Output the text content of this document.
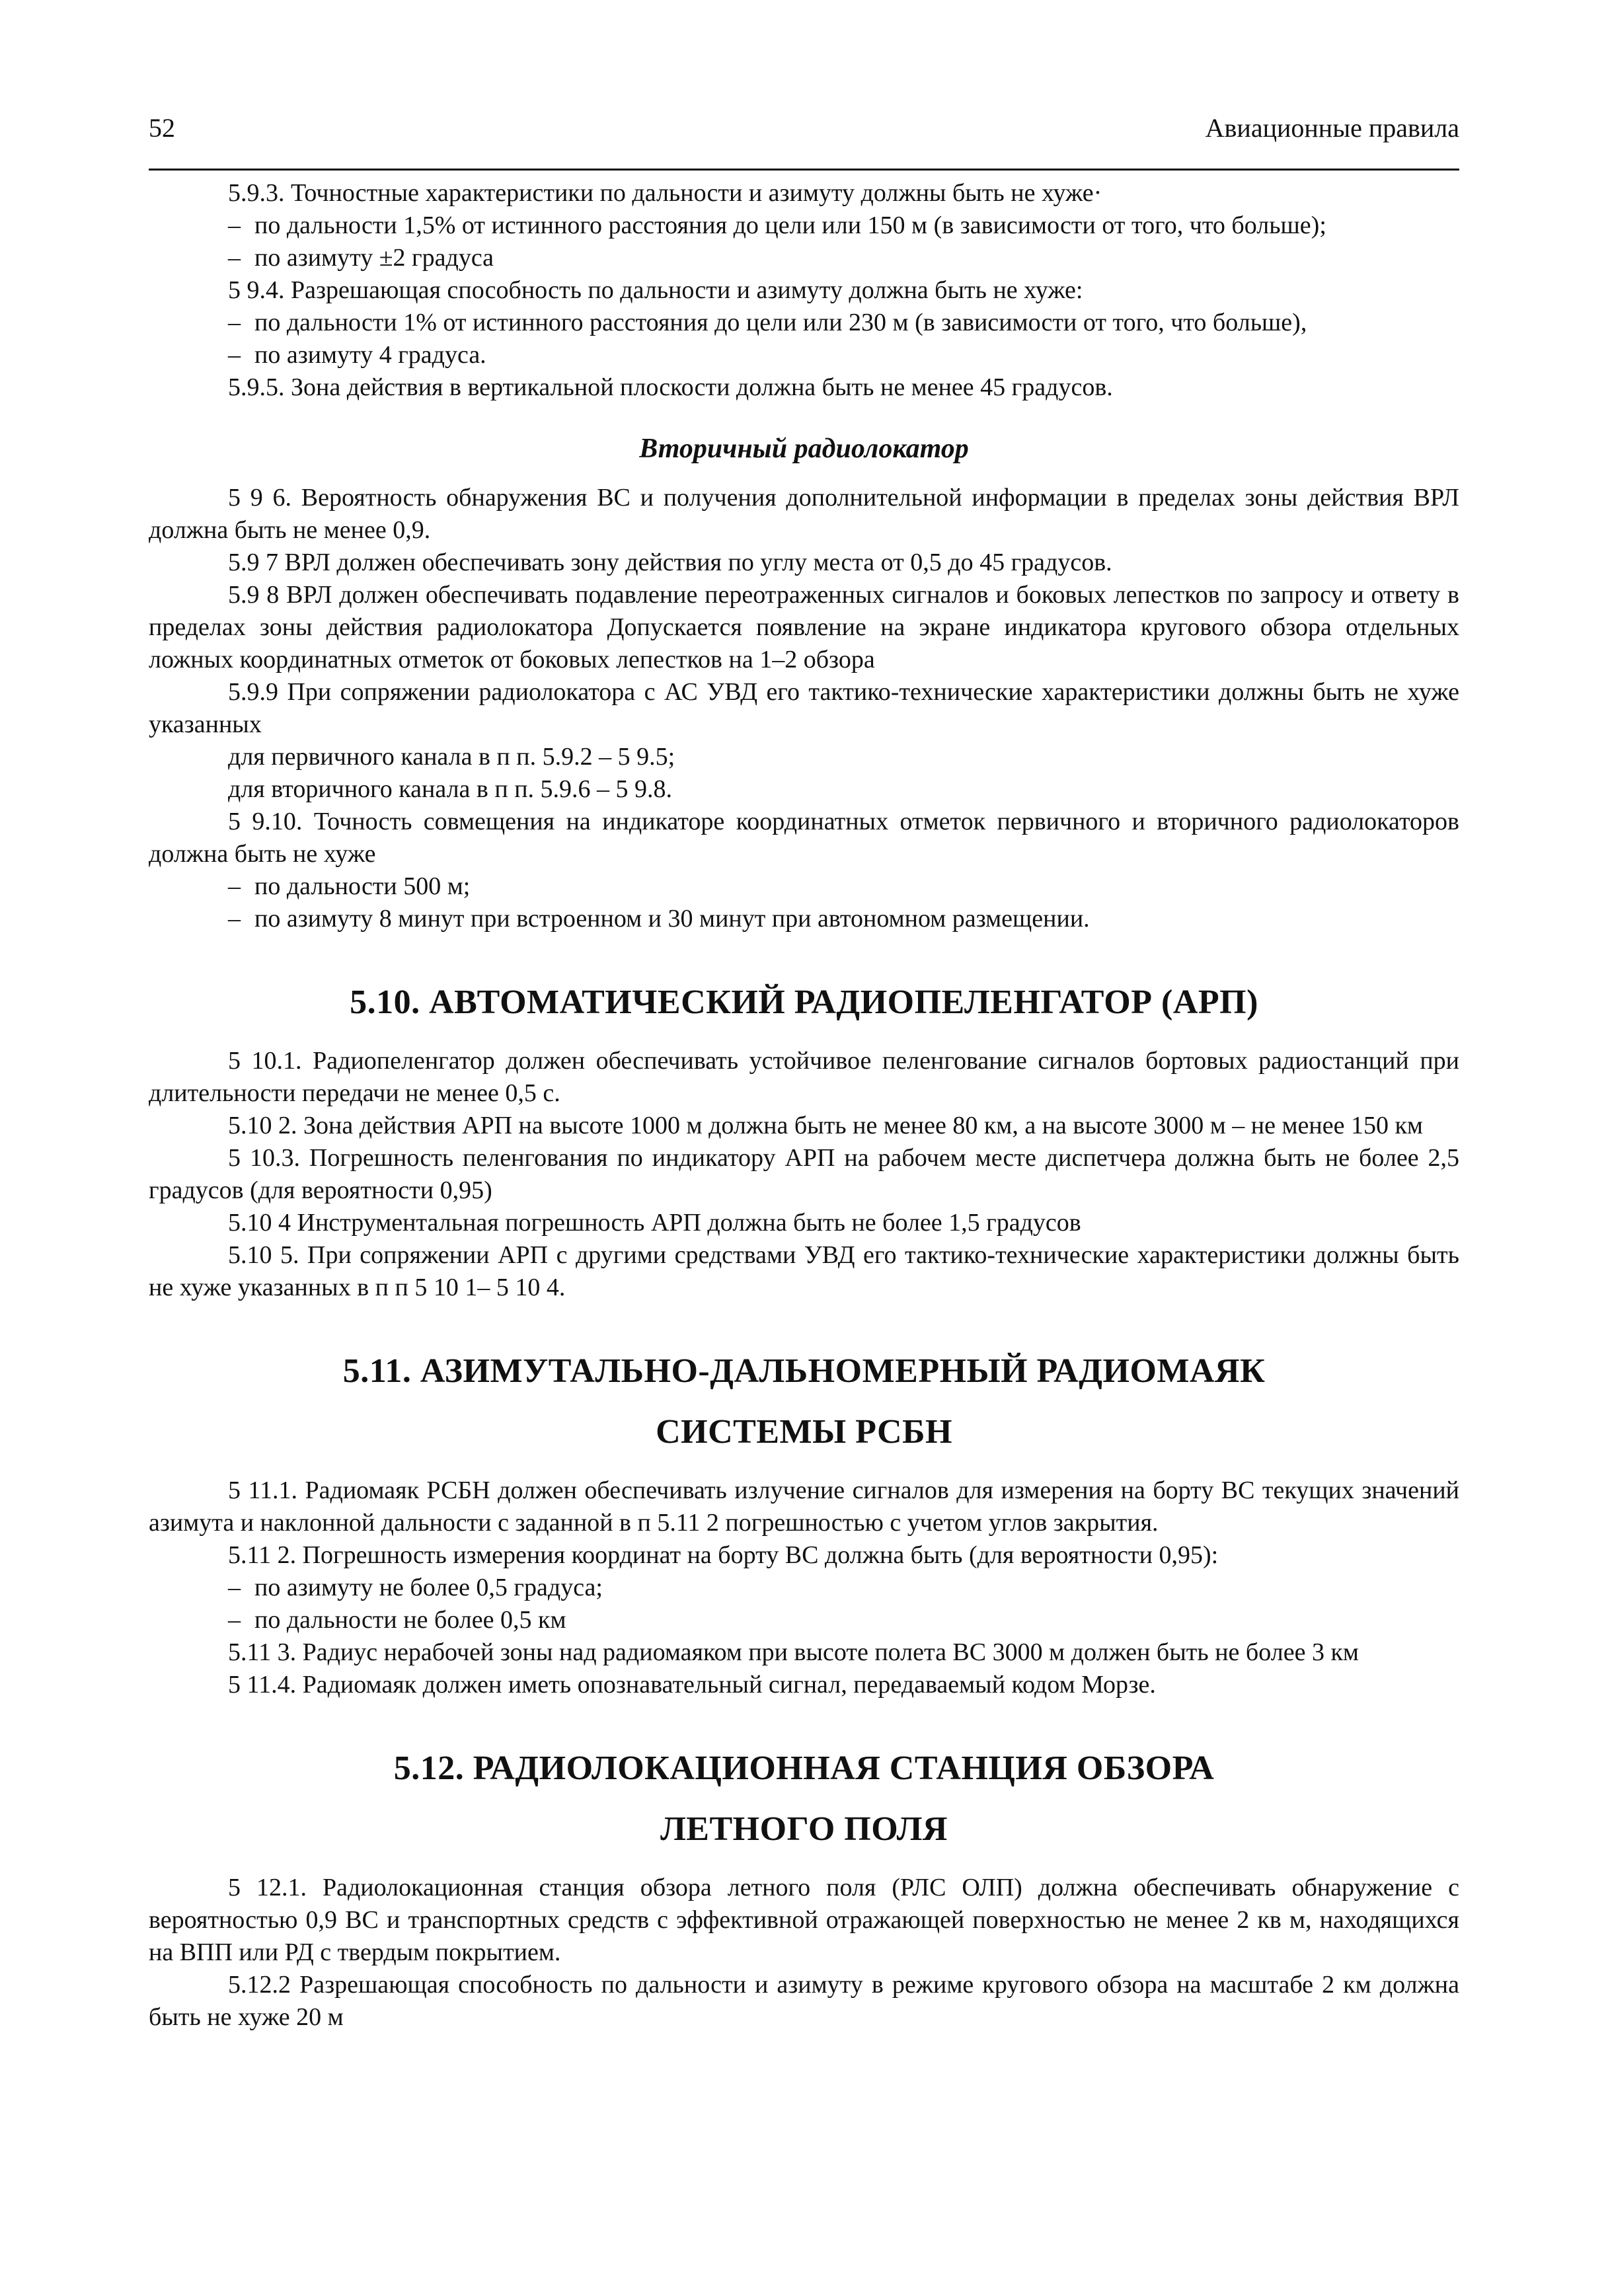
52	Авиационные правила

5.9.3. Точностные характеристики по дальности и азимуту должны быть не хуже·

– по дальности 1,5% от истинного расстояния до цели или 150 м (в зависимости от того, что больше);

– по азимуту ±2 градуса

5 9.4. Разрешающая способность по дальности и азимуту должна быть не хуже:

– по дальности 1% от истинного расстояния до цели или 230 м (в зависимости от того, что больше),

– по азимуту 4 градуса.

5.9.5. Зона действия в вертикальной плоскости должна быть не менее 45 градусов.

Вторичный радиолокатор

5 9 6. Вероятность обнаружения ВС и получения дополнительной информации в пределах зоны действия ВРЛ должна быть не менее 0,9.

5.9 7 ВРЛ должен обеспечивать зону действия по углу места от 0,5 до 45 градусов.

5.9 8 ВРЛ должен обеспечивать подавление переотраженных сигналов и боковых лепестков по запросу и ответу в пределах зоны действия радиолокатора Допускается появление на экране индикатора кругового обзора отдельных ложных координатных отметок от боковых лепестков на 1–2 обзора

5.9.9 При сопряжении радиолокатора с АС УВД его тактико-технические характеристики должны быть не хуже указанных

для первичного канала в п п. 5.9.2 – 5 9.5;

для вторичного канала в п п. 5.9.6 – 5 9.8.

5 9.10. Точность совмещения на индикаторе координатных отметок первичного и вторичного радиолокаторов должна быть не хуже

– по дальности 500 м;

– по азимуту 8 минут при встроенном и 30 минут при автономном размещении.

5.10. АВТОМАТИЧЕСКИЙ РАДИОПЕЛЕНГАТОР (АРП)

5 10.1. Радиопеленгатор должен обеспечивать устойчивое пеленгование сигналов бортовых радиостанций при длительности передачи не менее 0,5 с.

5.10 2. Зона действия АРП на высоте 1000 м должна быть не менее 80 км, а на высоте 3000 м – не менее 150 км

5 10.3. Погрешность пеленгования по индикатору АРП на рабочем месте диспетчера должна быть не более 2,5 градусов (для вероятности 0,95)

5.10 4 Инструментальная погрешность АРП должна быть не более 1,5 градусов

5.10 5. При сопряжении АРП с другими средствами УВД его тактико-технические характеристики должны быть не хуже указанных в п п 5 10 1– 5 10 4.

5.11. АЗИМУТАЛЬНО-ДАЛЬНОМЕРНЫЙ РАДИОМАЯК
СИСТЕМЫ РСБН

5 11.1. Радиомаяк РСБН должен обеспечивать излучение сигналов для измерения на борту ВС текущих значений азимута и наклонной дальности с заданной в п 5.11 2 погрешностью с учетом углов закрытия.

5.11 2. Погрешность измерения координат на борту ВС должна быть (для вероятности 0,95):

– по азимуту не более 0,5 градуса;

– по дальности не более 0,5 км

5.11 3. Радиус нерабочей зоны над радиомаяком при высоте полета ВС 3000 м должен быть не более 3 км

5 11.4. Радиомаяк должен иметь опознавательный сигнал, передаваемый кодом Морзе.

5.12. РАДИОЛОКАЦИОННАЯ СТАНЦИЯ ОБЗОРА
ЛЕТНОГО ПОЛЯ

5 12.1. Радиолокационная станция обзора летного поля (РЛС ОЛП) должна обеспечивать обнаружение с вероятностью 0,9 ВС и транспортных средств с эффективной отражающей поверхностью не менее 2 кв м, находящихся на ВПП или РД с твердым покрытием.

5.12.2 Разрешающая способность по дальности и азимуту в режиме кругового обзора на масштабе 2 км должна быть не хуже 20 м
